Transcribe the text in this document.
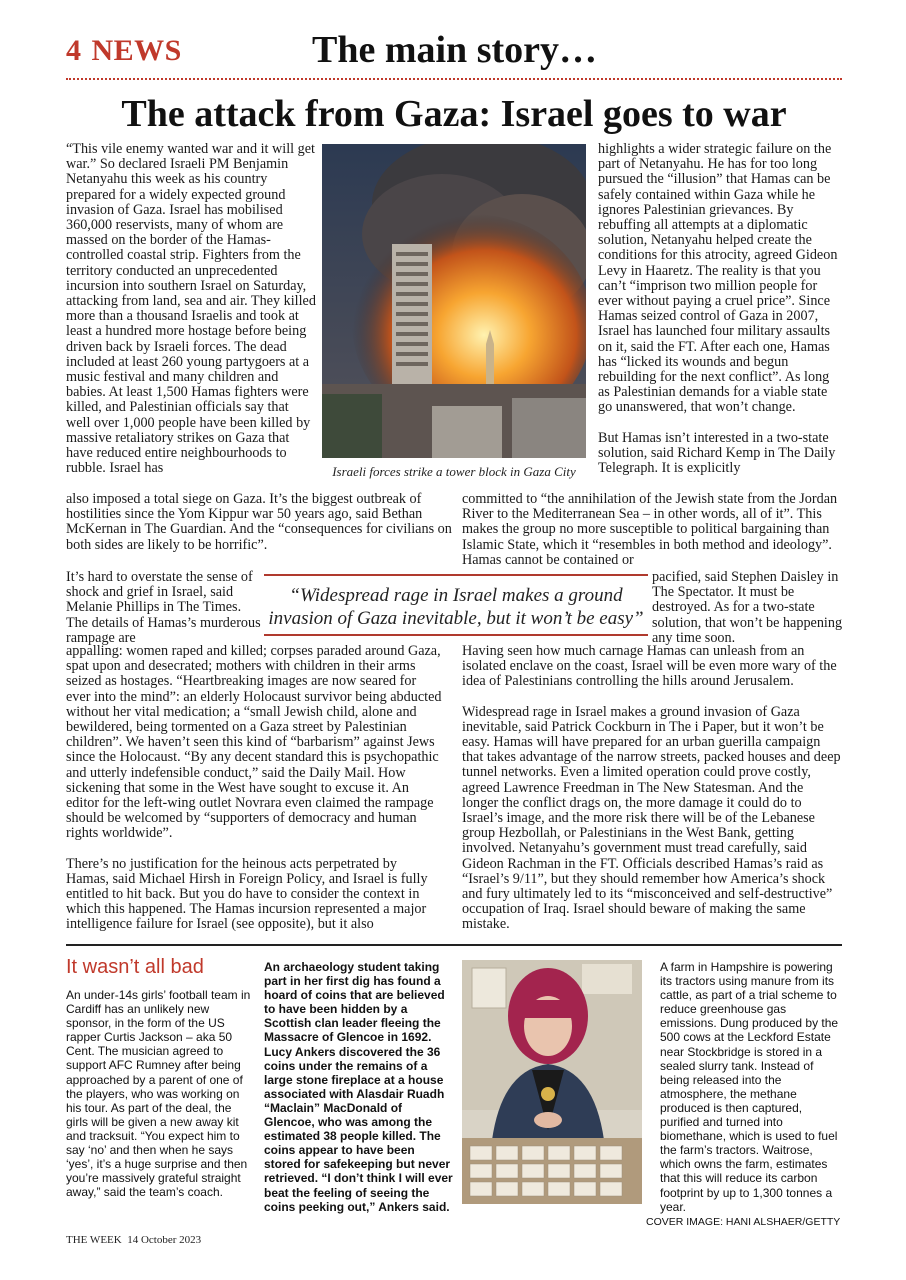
4 NEWS	The main story…
The attack from Gaza: Israel goes to war

“This vile enemy wanted war and it will get war.” So declared Israeli PM Benjamin Netanyahu this week as his country prepared for a widely expected ground invasion of Gaza. Israel has mobilised 360,000 reservists, many of whom are massed on the border of the Hamas-controlled coastal strip. Fighters from the territory conducted an unprecedented incursion into southern Israel on Saturday, attacking from land, sea and air. They killed more than a thousand Israelis and took at least a hundred more hostage before being driven back by Israeli forces. The dead included at least 260 young partygoers at a music festival and many children and babies. At least 1,500 Hamas fighters were killed, and Palestinian officials say that well over 1,000 people have been killed by massive retaliatory strikes on Gaza that have reduced entire neighbourhoods to rubble. Israel has	Israeli forces strike a tower block in Gaza City

highlights a wider strategic failure on the part of Netanyahu. He has for too long pursued the “illusion” that Hamas can be safely contained within Gaza while he ignores Palestinian grievances. By rebuffing all attempts at a diplomatic solution, Netanyahu helped create the conditions for this atrocity, agreed Gideon Levy in Haaretz. The reality is that you can’t “imprison two million people for ever without paying a cruel price”. Since Hamas seized control of Gaza in 2007, Israel has launched four military assaults on it, said the FT. After each one, Hamas has “licked its wounds and begun rebuilding for the next conflict”. As long as Palestinian demands for a viable state go unanswered, that won’t change.

But Hamas isn’t interested in a two-state solution, said Richard Kemp in The Daily Telegraph. It is explicitly

also imposed a total siege on Gaza. It’s the biggest outbreak of hostilities since the Yom Kippur war 50 years ago, said Bethan McKernan in The Guardian. And the “consequences for civilians on both sides are likely to be horrific”.

committed to “the annihilation of the Jewish state from the Jordan River to the Mediterranean Sea – in other words, all of it”. This makes the group no more susceptible to political bargaining than Islamic State, which it “resembles in both method and ideology”. Hamas cannot be contained or

It’s hard to overstate the sense of shock and grief in Israel, said Melanie Phillips in The Times. The details of Hamas’s murderous rampage are

“Widespread rage in Israel makes a ground invasion of Gaza inevitable, but it won’t be easy”

pacified, said Stephen Daisley in The Spectator. It must be destroyed. As for a two-state solution, that won’t be happening any time soon.

appalling: women raped and killed; corpses paraded around Gaza, spat upon and desecrated; mothers with children in their arms seized as hostages. “Heartbreaking images are now seared for ever into the mind”: an elderly Holocaust survivor being abducted without her vital medication; a “small Jewish child, alone and bewildered, being tormented on a Gaza street by Palestinian children”. We haven’t seen this kind of “barbarism” against Jews since the Holocaust. “By any decent standard this is psychopathic and utterly indefensible conduct,” said the Daily Mail. How sickening that some in the West have sought to excuse it. An editor for the left-wing outlet Novrara even claimed the rampage should be welcomed by “supporters of democracy and human rights worldwide”.

There’s no justification for the heinous acts perpetrated by Hamas, said Michael Hirsh in Foreign Policy, and Israel is fully entitled to hit back. But you do have to consider the context in which this happened. The Hamas incursion represented a major intelligence failure for Israel (see opposite), but it also

Having seen how much carnage Hamas can unleash from an isolated enclave on the coast, Israel will be even more wary of the idea of Palestinians controlling the hills around Jerusalem.

Widespread rage in Israel makes a ground invasion of Gaza inevitable, said Patrick Cockburn in The i Paper, but it won’t be easy. Hamas will have prepared for an urban guerilla campaign that takes advantage of the narrow streets, packed houses and deep tunnel networks. Even a limited operation could prove costly, agreed Lawrence Freedman in The New Statesman. And the longer the conflict drags on, the more damage it could do to Israel’s image, and the more risk there will be of the Lebanese group Hezbollah, or Palestinians in the West Bank, getting involved. Netanyahu’s government must tread carefully, said Gideon Rachman in the FT. Officials described Hamas’s raid as “Israel’s 9/11”, but they should remember how America’s shock and fury ultimately led to its “misconceived and self-destructive” occupation of Iraq. Israel should beware of making the same mistake.

It wasn’t all bad
An under-14s girls’ football team in Cardiff has an unlikely new sponsor, in the form of the US rapper Curtis Jackson – aka 50 Cent. The musician agreed to support AFC Rumney after being approached by a parent of one of the players, who was working on his tour. As part of the deal, the girls will be given a new away kit and tracksuit. “You expect him to say ‘no’ and then when he says ‘yes’, it’s a huge surprise and then you’re massively grateful straight away,” said the team’s coach.
An archaeology student taking part in her first dig has found a hoard of coins that are believed to have been hidden by a Scottish clan leader fleeing the Massacre of Glencoe in 1692. Lucy Ankers discovered the 36 coins under the remains of a large stone fireplace at a house associated with Alasdair Ruadh “Maclain” MacDonald of Glencoe, who was among the estimated 38 people killed. The coins appear to have been stored for safekeeping but never retrieved. “I don’t think I will ever beat the feeling of seeing the coins peeking out,” Ankers said.
A farm in Hampshire is powering its tractors using manure from its cattle, as part of a trial scheme to reduce greenhouse gas emissions. Dung produced by the 500 cows at the Leckford Estate near Stockbridge is stored in a sealed slurry tank. Instead of being released into the atmosphere, the methane produced is then captured, purified and turned into biomethane, which is used to fuel the farm’s tractors. Waitrose, which owns the farm, estimates that this will reduce its carbon footprint by up to 1,300 tonnes a year.
COVER IMAGE: HANI ALSHAER/GETTY
THE WEEK 14 October 2023
